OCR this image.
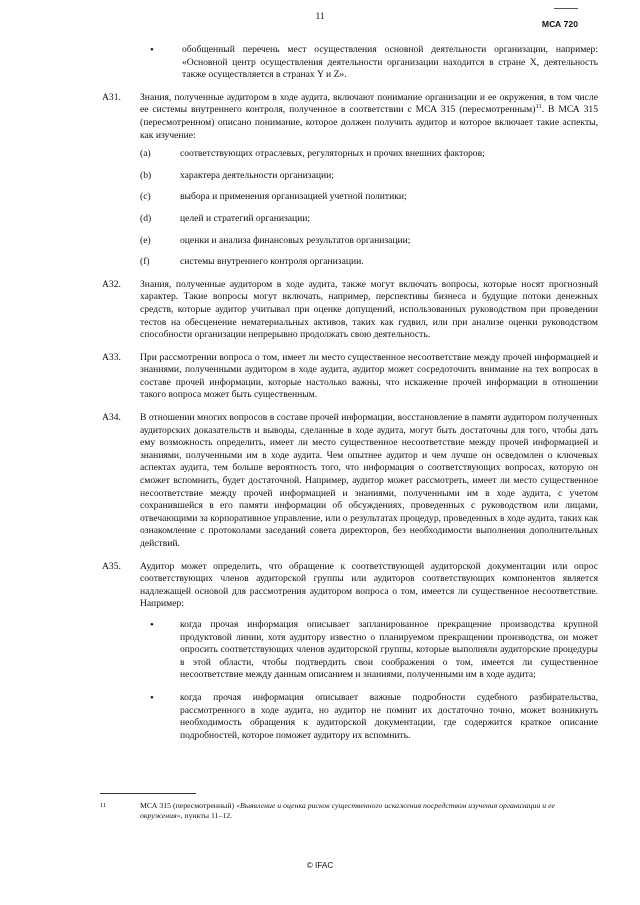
11
МСА 720
• обобщенный перечень мест осуществления основной деятельности организации, например: «Основной центр осуществления деятельности организации находится в стране X, деятельность также осуществляется в странах Y и Z».
A31.	Знания, полученные аудитором в ходе аудита, включают понимание организации и ее окружения, в том числе ее системы внутреннего контроля, полученное в соответствии с МСА 315 (пересмотренным)$^{11}$. В МСА 315 (пересмотренном) описано понимание, которое должен получить аудитор и которое включает такие аспекты, как изучение:
(a)	соответствующих отраслевых, регуляторных и прочих внешних факторов;
(b)	характера деятельности организации;
(c)	выбора и применения организацией учетной политики;
(d)	целей и стратегий организации;
(e)	оценки и анализа финансовых результатов организации;
(f)	системы внутреннего контроля организации.
A32.	Знания, полученные аудитором в ходе аудита, также могут включать вопросы, которые носят прогнозный характер. Такие вопросы могут включать, например, перспективы бизнеса и будущие потоки денежных средств, которые аудитор учитывал при оценке допущений, использованных руководством при проведении тестов на обесценение нематериальных активов, таких как гудвил, или при анализе оценки руководством способности организации непрерывно продолжать свою деятельность.
A33.	При рассмотрении вопроса о том, имеет ли место существенное несоответствие между прочей информацией и знаниями, полученными аудитором в ходе аудита, аудитор может сосредоточить внимание на тех вопросах в составе прочей информации, которые настолько важны, что искажение прочей информации в отношении такого вопроса может быть существенным.
A34.	В отношении многих вопросов в составе прочей информации, восстановление в памяти аудитором полученных аудиторских доказательств и выводы, сделанные в ходе аудита, могут быть достаточны для того, чтобы дать ему возможность определить, имеет ли место существенное несоответствие между прочей информацией и знаниями, полученными им в ходе аудита. Чем опытнее аудитор и чем лучше он осведомлен о ключевых аспектах аудита, тем больше вероятность того, что информация о соответствующих вопросах, которую он сможет вспомнить, будет достаточной. Например, аудитор может рассмотреть, имеет ли место существенное несоответствие между прочей информацией и знаниями, полученными им в ходе аудита, с учетом сохранившейся в его памяти информации об обсуждениях, проведенных с руководством или лицами, отвечающими за корпоративное управление, или о результатах процедур, проведенных в ходе аудита, таких как ознакомление с протоколами заседаний совета директоров, без необходимости выполнения дополнительных действий.
A35.	Аудитор может определить, что обращение к соответствующей аудиторской документации или опрос соответствующих членов аудиторской группы или аудиторов соответствующих компонентов является надлежащей основой для рассмотрения аудитором вопроса о том, имеется ли существенное несоответствие. Например:
• когда прочая информация описывает запланированное прекращение производства крупной продуктовой линии, хотя аудитору известно о планируемом прекращении производства, он может опросить соответствующих членов аудиторской группы, которые выполняли аудиторские процедуры в этой области, чтобы подтвердить свои соображения о том, имеется ли существенное несоответствие между данным описанием и знаниями, полученными им в ходе аудита;
• когда прочая информация описывает важные подробности судебного разбирательства, рассмотренного в ходе аудита, но аудитор не помнит их достаточно точно, может возникнуть необходимость обращения к аудиторской документации, где содержится краткое описание подробностей, которое поможет аудитору их вспомнить.
11	МСА 315 (пересмотренный) «Выявление и оценка рисков существенного искажения посредством изучения организации и ее окружения», пункты 11–12.
© IFAC
